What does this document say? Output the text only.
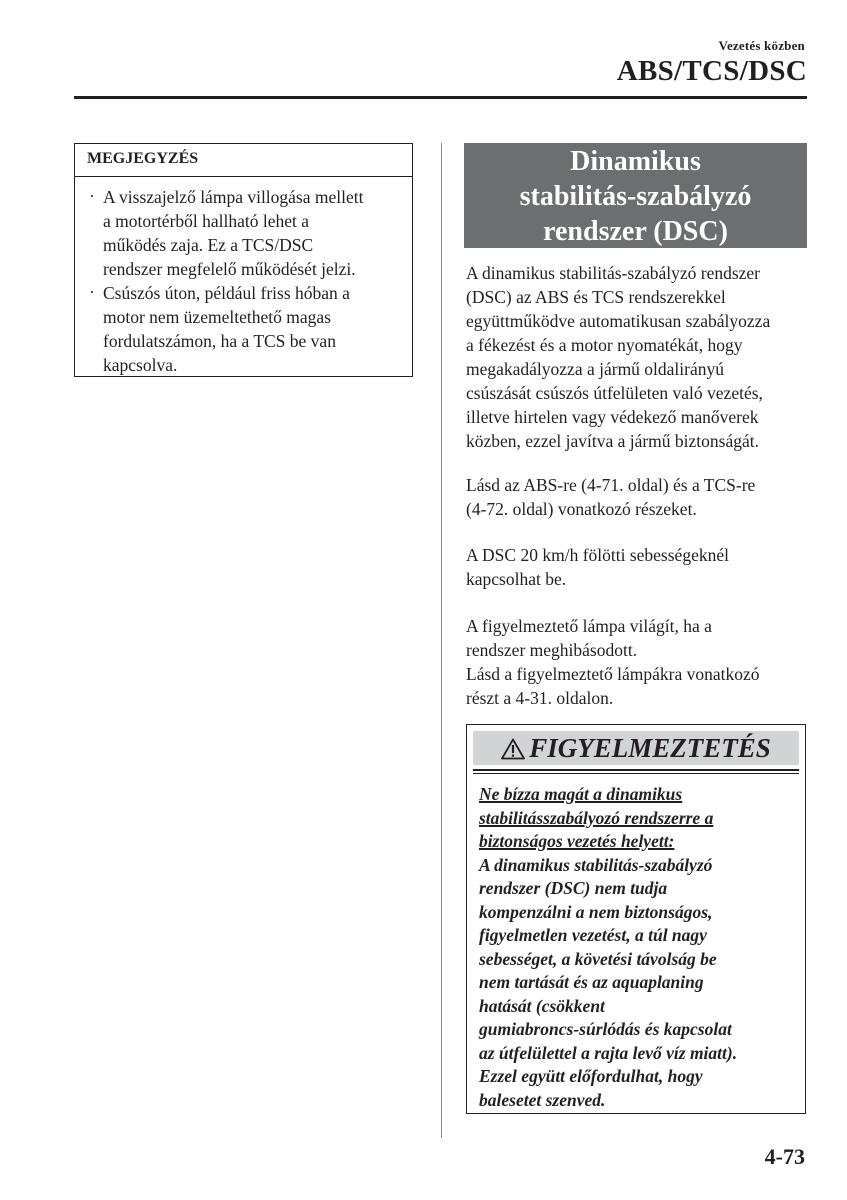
Vezetés közben
ABS/TCS/DSC
MEGJEGYZÉS
· A visszajelző lámpa villogása mellett
a motortérből hallható lehet a
működés zaja. Ez a TCS/DSC
rendszer megfelelő működését jelzi.
· Csúszós úton, például friss hóban a
motor nem üzemeltethető magas
fordulatszámon, ha a TCS be van
kapcsolva.
Dinamikus
stabilitás-szabályzó
rendszer (DSC)

A dinamikus stabilitás-szabályzó rendszer
(DSC) az ABS és TCS rendszerekkel
együttműködve automatikusan szabályozza
a fékezést és a motor nyomatékát, hogy
megakadályozza a jármű oldalirányú
csúszását csúszós útfelületen való vezetés,
illetve hirtelen vagy védekező manőverek
közben, ezzel javítva a jármű biztonságát.

Lásd az ABS-re (4-71. oldal) és a TCS-re
(4-72. oldal) vonatkozó részeket.

A DSC 20 km/h fölötti sebességeknél
kapcsolhat be.

A figyelmeztető lámpa világít, ha a
rendszer meghibásodott.
Lásd a figyelmeztető lámpákra vonatkozó
részt a 4-31. oldalon.

FIGYELMEZTETÉS
Ne bízza magát a dinamikus
stabilitásszabályozó rendszerre a
biztonságos vezetés helyett:
A dinamikus stabilitás-szabályzó
rendszer (DSC) nem tudja
kompenzálni a nem biztonságos,
figyelmetlen vezetést, a túl nagy
sebességet, a követési távolság be
nem tartását és az aquaplaning
hatását (csökkent
gumiabroncs-súrlódás és kapcsolat
az útfelülettel a rajta levő víz miatt).
Ezzel együtt előfordulhat, hogy
balesetet szenved.
4-73
